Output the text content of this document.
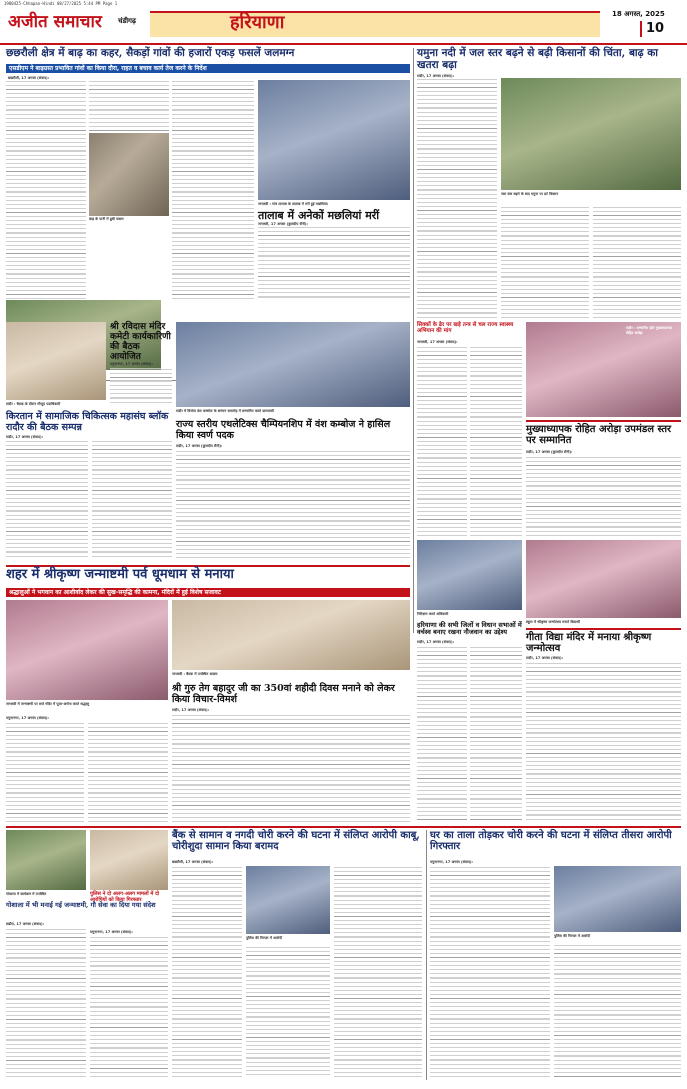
1980425-Chhapan-Hindi 08/27/2025 5:44 PM Page 1
अजीत समाचार चंडीगढ़	हरियाणा	18 अगस्त, 2025
10
छछरौली क्षेत्र में बाढ़ का कहर, सैकड़ों गांवों की हजारों एकड़ फसलें जलमग्न
एसडीएम ने बाढ़ग्रस्त प्रभावित गांवों का किया दौरा, राहत व बचाव कार्य तेज करने के निर्देश
छछरौली, 17 अगस्त (संवाद):
बाढ़ के पानी में डूबी फसल
जगाधरी : गांव तालाब के तालाब में मरी हुई मछलियां।
तालाब में अनेकों मछलियां मरीं
जगाधरी, 17 अगस्त (कुलदीप सैनी):
यमुना नदी में जल स्तर बढ़ने से बढ़ी किसानों की चिंता, बाढ़ का खतरा बढ़ा
रादौर, 17 अगस्त (संवाद):
जल स्तर बढ़ने के बाद यमुना पर डटे किसान
रादौर : बैठक के दौरान मौजूद पदाधिकारी
श्री रविदास मंदिर कमेटी कार्यकारिणी की बैठक आयोजित
यमुनानगर, 17 अगस्त (संवाद):
किरतान में सामाजिक चिकित्सक महासंघ ब्लॉक रादौर की बैठक सम्पन्न
रादौर, 17 अगस्त (संवाद):
रादौर में विजेता वंश कम्बोज के सम्मान समारोह में सम्मानित करते ग्रामवासी
राज्य स्तरीय एथलेटिक्स चैम्पियनशिप में वंश कम्बोज ने हासिल किया स्वर्ण पदक
रादौर, 17 अगस्त (कुलदीप सैनी):
सिक्कों के ढेर पर खड़े तन्त्र से चल राज्य स्वास्थ्य अभियान की मांग
जगाधरी, 17 अगस्त (संवाद):
रादौर : सम्मानित होते मुख्याध्यापक रोहित अरोड़ा
मुख्याध्यापक रोहित अरोड़ा उपमंडल स्तर पर सम्मानित
रादौर, 17 अगस्त (कुलदीप सैनी):
शहर में श्रीकृष्ण जन्माष्टमी पर्व धूमधाम से मनाया
श्रद्धालुओं ने भगवान का आशीर्वाद लेकर की सुख-समृद्धि की कामना, मंदिरों में हुई विशेष सजावट
जगाधरी में जन्माष्टमी पर सजे मंदिर में पूजा-अर्चना करते श्रद्धालु
यमुनानगर, 17 अगस्त (संवाद):
जगाधरी : बैठक में उपस्थित सदस्य
श्री गुरु तेग बहादुर जी का 350वां शहीदी दिवस मनाने को लेकर किया विचार-विमर्श
रादौर, 17 अगस्त (संवाद):
निरीक्षण करते अधिकारी
हरियाणा की सभी जिलों व विधान सभाओं में वर्चस्व बनाए रखना नौजवान का उद्देश्य
रादौर, 17 अगस्त (संवाद):
स्कूल में श्रीकृष्ण जन्मोत्सव मनाते विद्यार्थी
गीता विद्या मंदिर में मनाया श्रीकृष्ण जन्मोत्सव
रादौर, 17 अगस्त (संवाद):
गोशाला में कार्यक्रम में उपस्थित
गोशाला में भी मनाई गई जन्माष्टमी, गौ सेवा का दिया गया संदेश
सढौरा, 17 अगस्त (संवाद):
पुलिस ने दो अलग-अलग मामलों में दो आरोपियों को किया गिरफ्तार
यमुनानगर, 17 अगस्त (संवाद):
बैंक से सामान व नगदी चोरी करने की घटना में संलिप्त आरोपी काबू, चोरीशुदा सामान किया बरामद
छछरौली, 17 अगस्त (संवाद):
पुलिस की गिरफ्त में आरोपी
घर का ताला तोड़कर चोरी करने की घटना में संलिप्त तीसरा आरोपी गिरफ्तार
यमुनानगर, 17 अगस्त (संवाद):
पुलिस की गिरफ्त में आरोपी
